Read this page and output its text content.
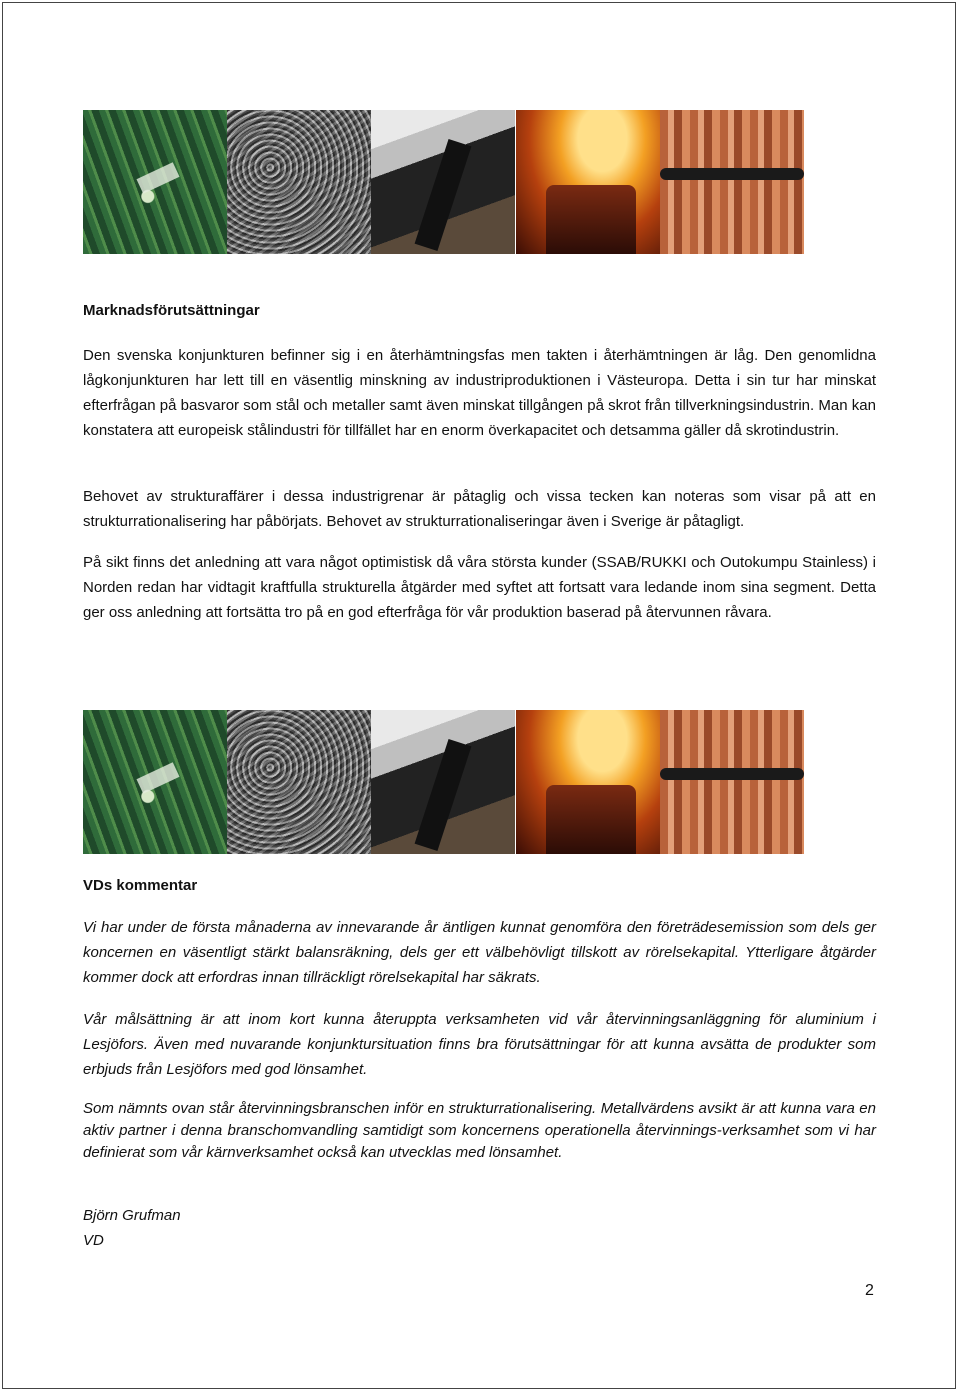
Marknadsförutsättningar

Den svenska konjunkturen befinner sig i en återhämtningsfas men takten i återhämtningen är låg. Den genomlidna lågkonjunkturen har lett till en väsentlig minskning av industriproduktionen i Västeuropa. Detta i sin tur har minskat efterfrågan på basvaror som stål och metaller samt även minskat tillgången på skrot från tillverkningsindustrin. Man kan konstatera att europeisk stålindustri för tillfället har en enorm överkapacitet och detsamma gäller då skrotindustrin.

Behovet av strukturaffärer i dessa industrigrenar är påtaglig och vissa tecken kan noteras som visar på att en strukturrationalisering har påbörjats. Behovet av strukturrationaliseringar även i Sverige är påtagligt.

På sikt finns det anledning att vara något optimistisk då våra största kunder (SSAB/RUKKI och Outokumpu Stainless) i Norden redan har vidtagit kraftfulla strukturella åtgärder med syftet att fortsatt vara ledande inom sina segment. Detta ger oss anledning att fortsätta tro på en god efterfråga för vår produktion baserad på återvunnen råvara.

VDs kommentar

Vi har under de första månaderna av innevarande år äntligen kunnat genomföra den företrädesemission som dels ger koncernen en väsentligt stärkt balansräkning, dels ger ett välbehövligt tillskott av rörelsekapital. Ytterligare åtgärder kommer dock att erfordras innan tillräckligt rörelsekapital har säkrats.

Vår målsättning är att inom kort kunna återuppta verksamheten vid vår återvinningsanläggning för aluminium i Lesjöfors. Även med nuvarande konjunktursituation finns bra förutsättningar för att kunna avsätta de produkter som erbjuds från Lesjöfors med god lönsamhet.

Som nämnts ovan står återvinningsbranschen inför en strukturrationalisering. Metallvärdens avsikt är att kunna vara en aktiv partner i denna branschomvandling samtidigt som koncernens operationella återvinnings-verksamhet som vi har definierat som vår kärnverksamhet också kan utvecklas med lönsamhet.

Björn Grufman

VD

2
